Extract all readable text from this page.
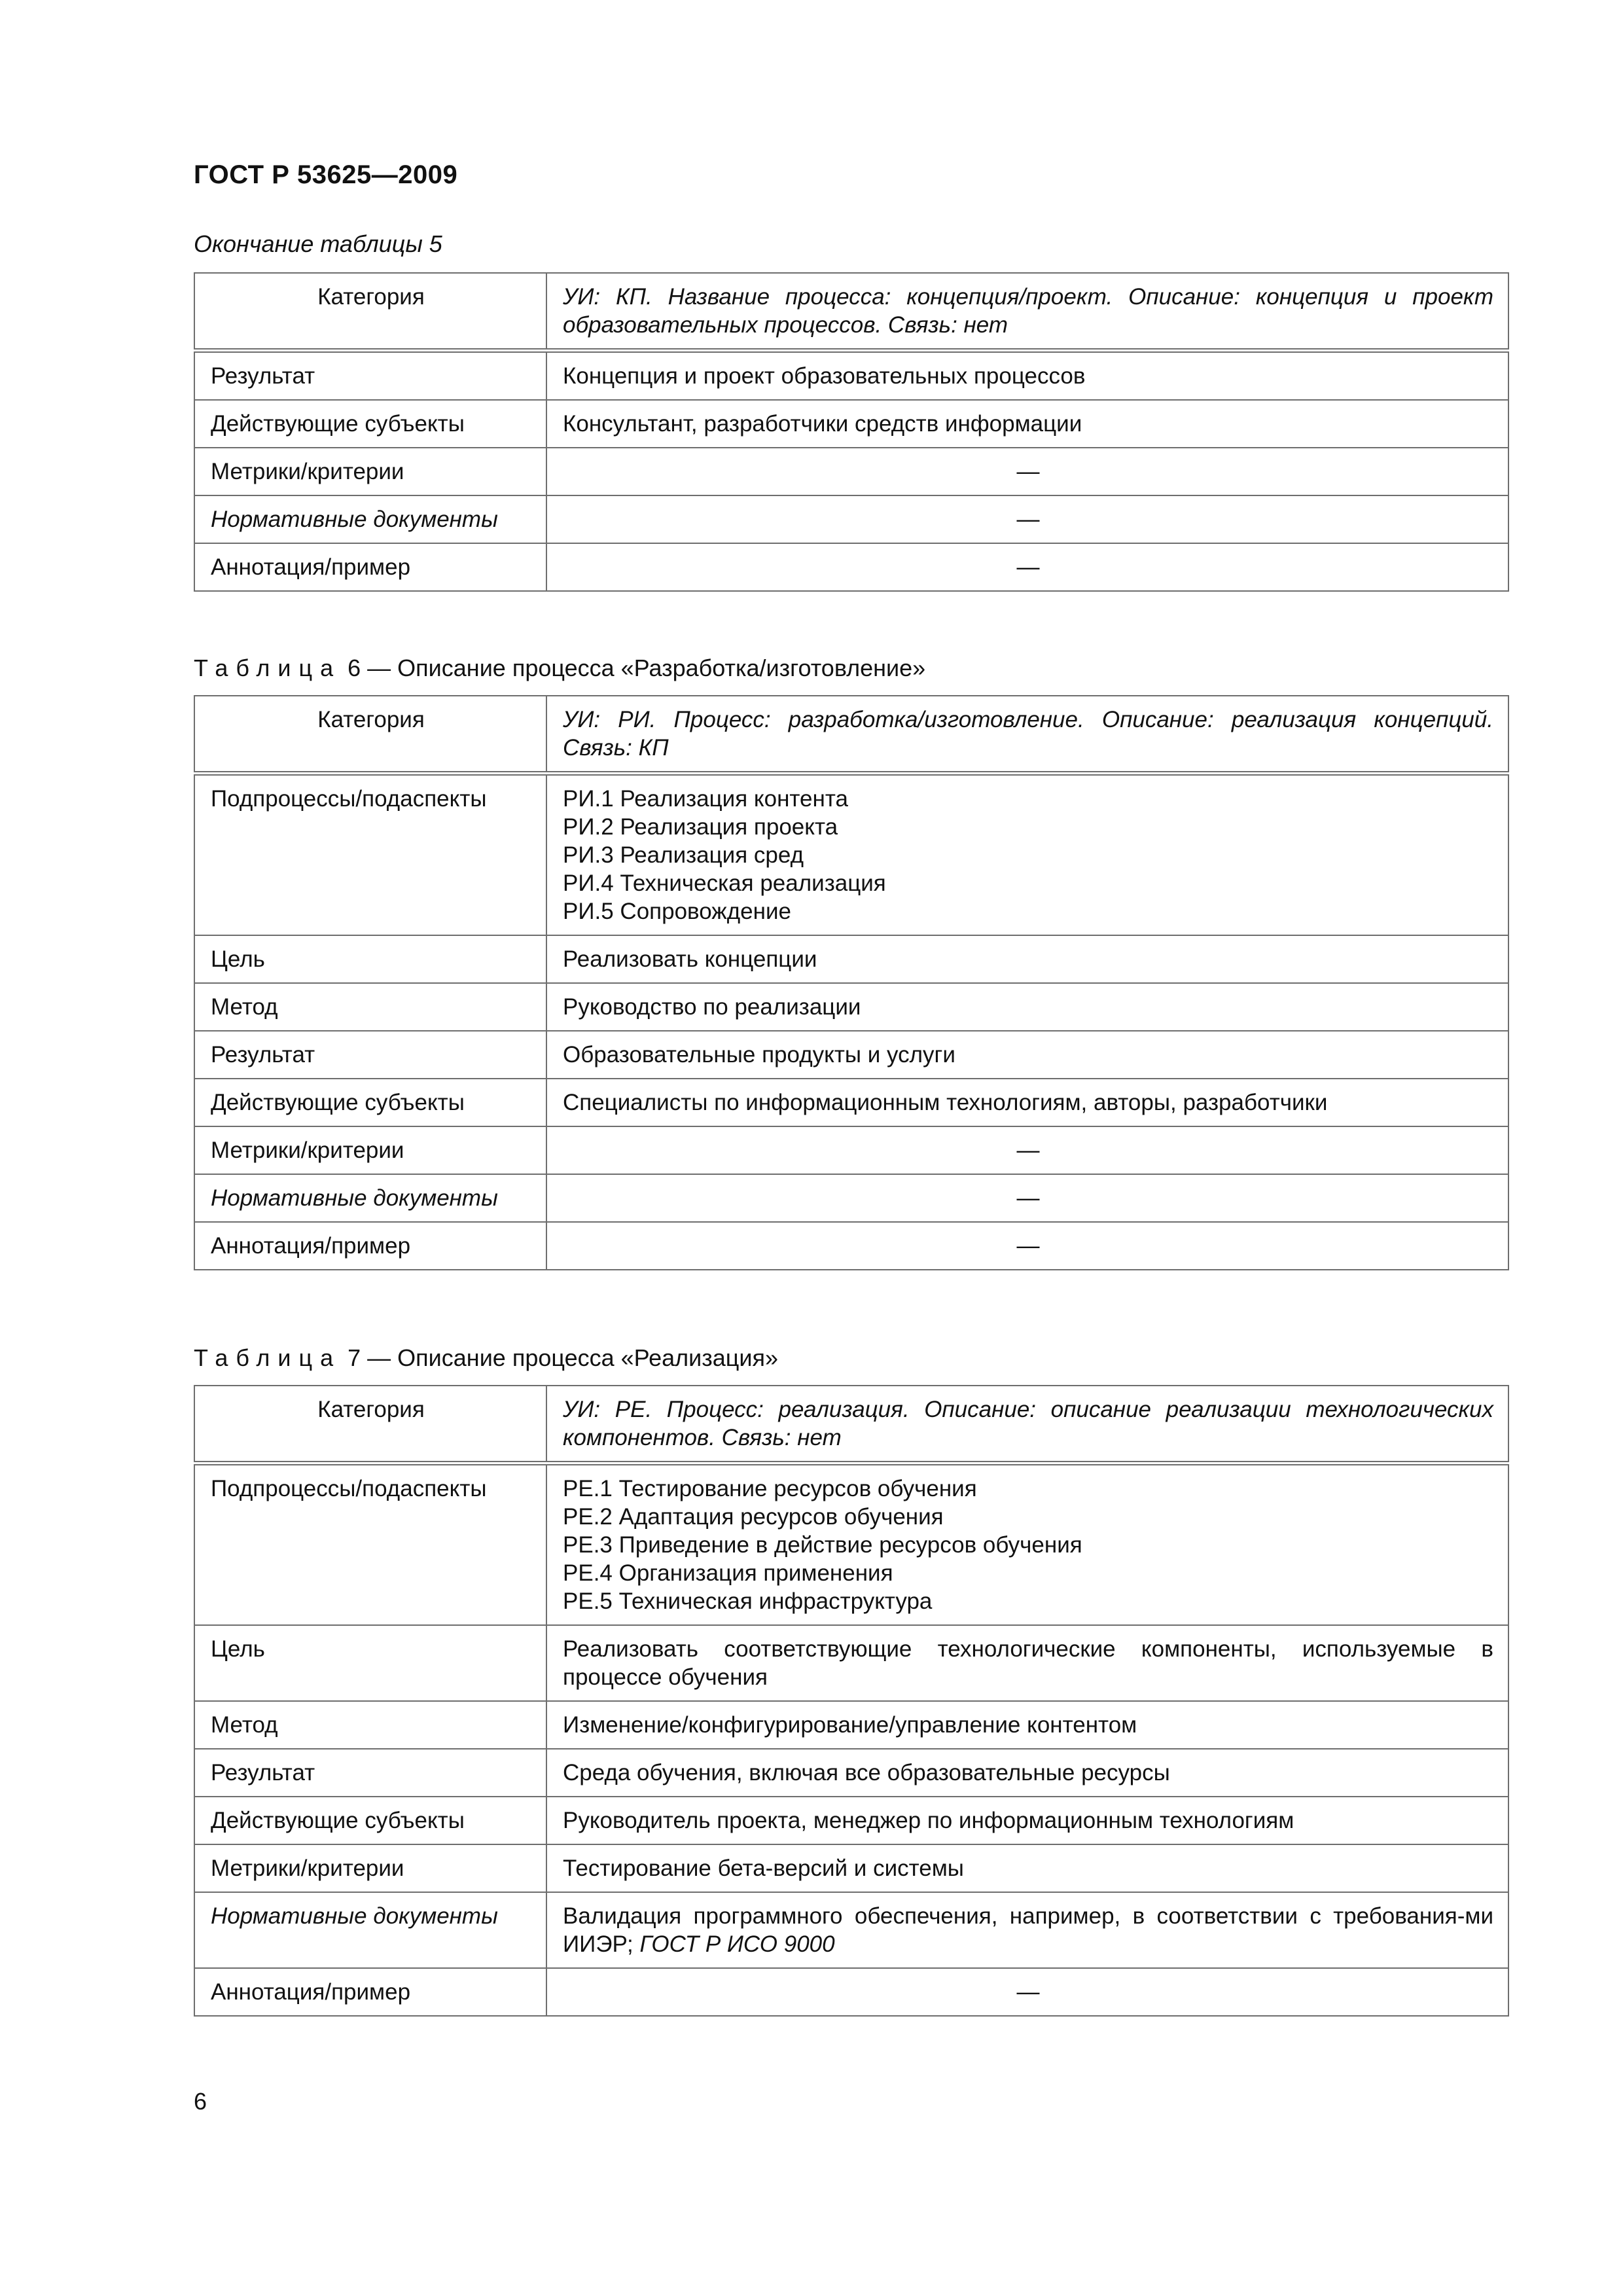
ГОСТ Р 53625—2009
Окончание таблицы 5
Категория	УИ: КП. Название процесса: концепция/проект. Описание: концепция и проект образовательных процессов. Связь: нет
Результат	Концепция и проект образовательных процессов
Действующие субъекты	Консультант, разработчики средств информации
Метрики/критерии	—
Нормативные документы	—
Аннотация/пример	—
Таблица 6 — Описание процесса «Разработка/изготовление»
Категория	УИ: РИ. Процесс: разработка/изготовление. Описание: реализация концепций. Связь: КП
Подпроцессы/подаспекты	РИ.1 Реализация контента
РИ.2 Реализация проекта
РИ.3 Реализация сред
РИ.4 Техническая реализация
РИ.5 Сопровождение

Цель	Реализовать концепции
Метод	Руководство по реализации
Результат	Образовательные продукты и услуги
Действующие субъекты	Специалисты по информационным технологиям, авторы, разработчики
Метрики/критерии	—
Нормативные документы	—
Аннотация/пример	—
Таблица 7 — Описание процесса «Реализация»
Категория	УИ: РЕ. Процесс: реализация. Описание: описание реализации технологических компонентов. Связь: нет
Подпроцессы/подаспекты	РЕ.1 Тестирование ресурсов обучения
РЕ.2 Адаптация ресурсов обучения
РЕ.3 Приведение в действие ресурсов обучения
РЕ.4 Организация применения
РЕ.5 Техническая инфраструктура

Цель	Реализовать соответствующие технологические компоненты, используемые в процессе обучения
Метод	Изменение/конфигурирование/управление контентом
Результат	Среда обучения, включая все образовательные ресурсы
Действующие субъекты	Руководитель проекта, менеджер по информационным технологиям
Метрики/критерии	Тестирование бета-версий и системы
Нормативные документы	Валидация программного обеспечения, например, в соответствии с требования-ми ИИЭР; ГОСТ Р ИСО 9000
Аннотация/пример	—
6
